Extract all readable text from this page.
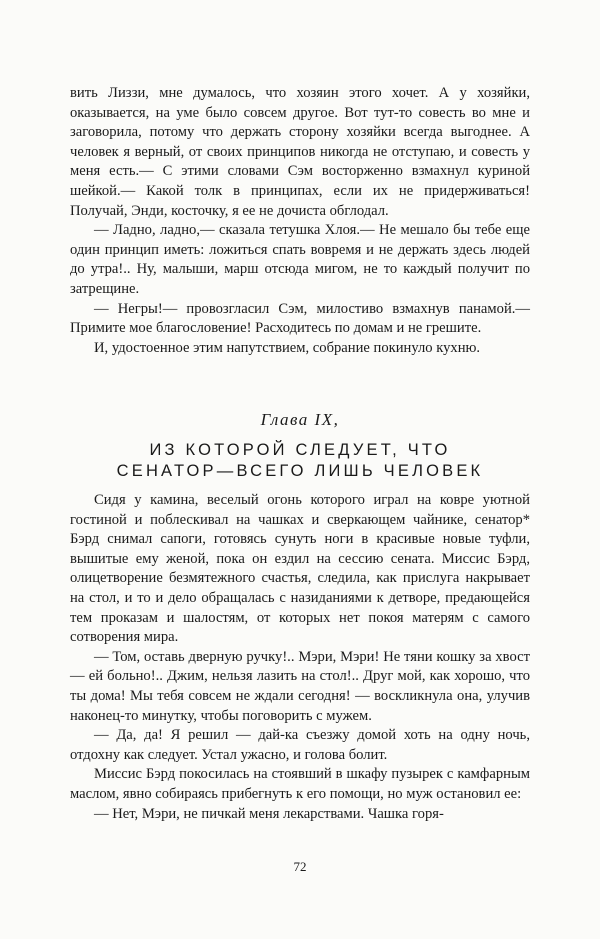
вить Лиззи, мне думалось, что хозяин этого хочет. А у хозяйки, оказывается, на уме было совсем другое. Вот тут-то совесть во мне и заговорила, потому что держать сторону хозяйки всегда выгоднее. А человек я верный, от своих принципов никогда не отступаю, и совесть у меня есть.— С этими словами Сэм восторженно взмахнул куриной шейкой.— Какой толк в принципах, если их не придерживаться! Получай, Энди, косточку, я ее не дочиста обглодал.

— Ладно, ладно,— сказала тетушка Хлоя.— Не мешало бы тебе еще один принцип иметь: ложиться спать вовремя и не держать здесь людей до утра!.. Ну, малыши, марш отсюда мигом, не то каждый получит по затрещине.

— Негры!— провозгласил Сэм, милостиво взмахнув панамой.— Примите мое благословение! Расходитесь по домам и не грешите.

И, удостоенное этим напутствием, собрание покинуло кухню.

Глава IX,
ИЗ КОТОРОЙ СЛЕДУЕТ, ЧТО
СЕНАТОР—ВСЕГО ЛИШЬ ЧЕЛОВЕК

Сидя у камина, веселый огонь которого играл на ковре уютной гостиной и поблескивал на чашках и сверкающем чайнике, сенатор* Бэрд снимал сапоги, готовясь сунуть ноги в красивые новые туфли, вышитые ему женой, пока он ездил на сессию сената. Миссис Бэрд, олицетворение безмятежного счастья, следила, как прислуга накрывает на стол, и то и дело обращалась с назиданиями к детворе, предающейся тем проказам и шалостям, от которых нет покоя матерям с самого сотворения мира.

— Том, оставь дверную ручку!.. Мэри, Мэри! Не тяни кошку за хвост — ей больно!.. Джим, нельзя лазить на стол!.. Друг мой, как хорошо, что ты дома! Мы тебя совсем не ждали сегодня! — воскликнула она, улучив наконец-то минутку, чтобы поговорить с мужем.

— Да, да! Я решил — дай-ка съезжу домой хоть на одну ночь, отдохну как следует. Устал ужасно, и голова болит.

Миссис Бэрд покосилась на стоявший в шкафу пузырек с камфарным маслом, явно собираясь прибегнуть к его помощи, но муж остановил ее:

— Нет, Мэри, не пичкай меня лекарствами. Чашка горя-

72
